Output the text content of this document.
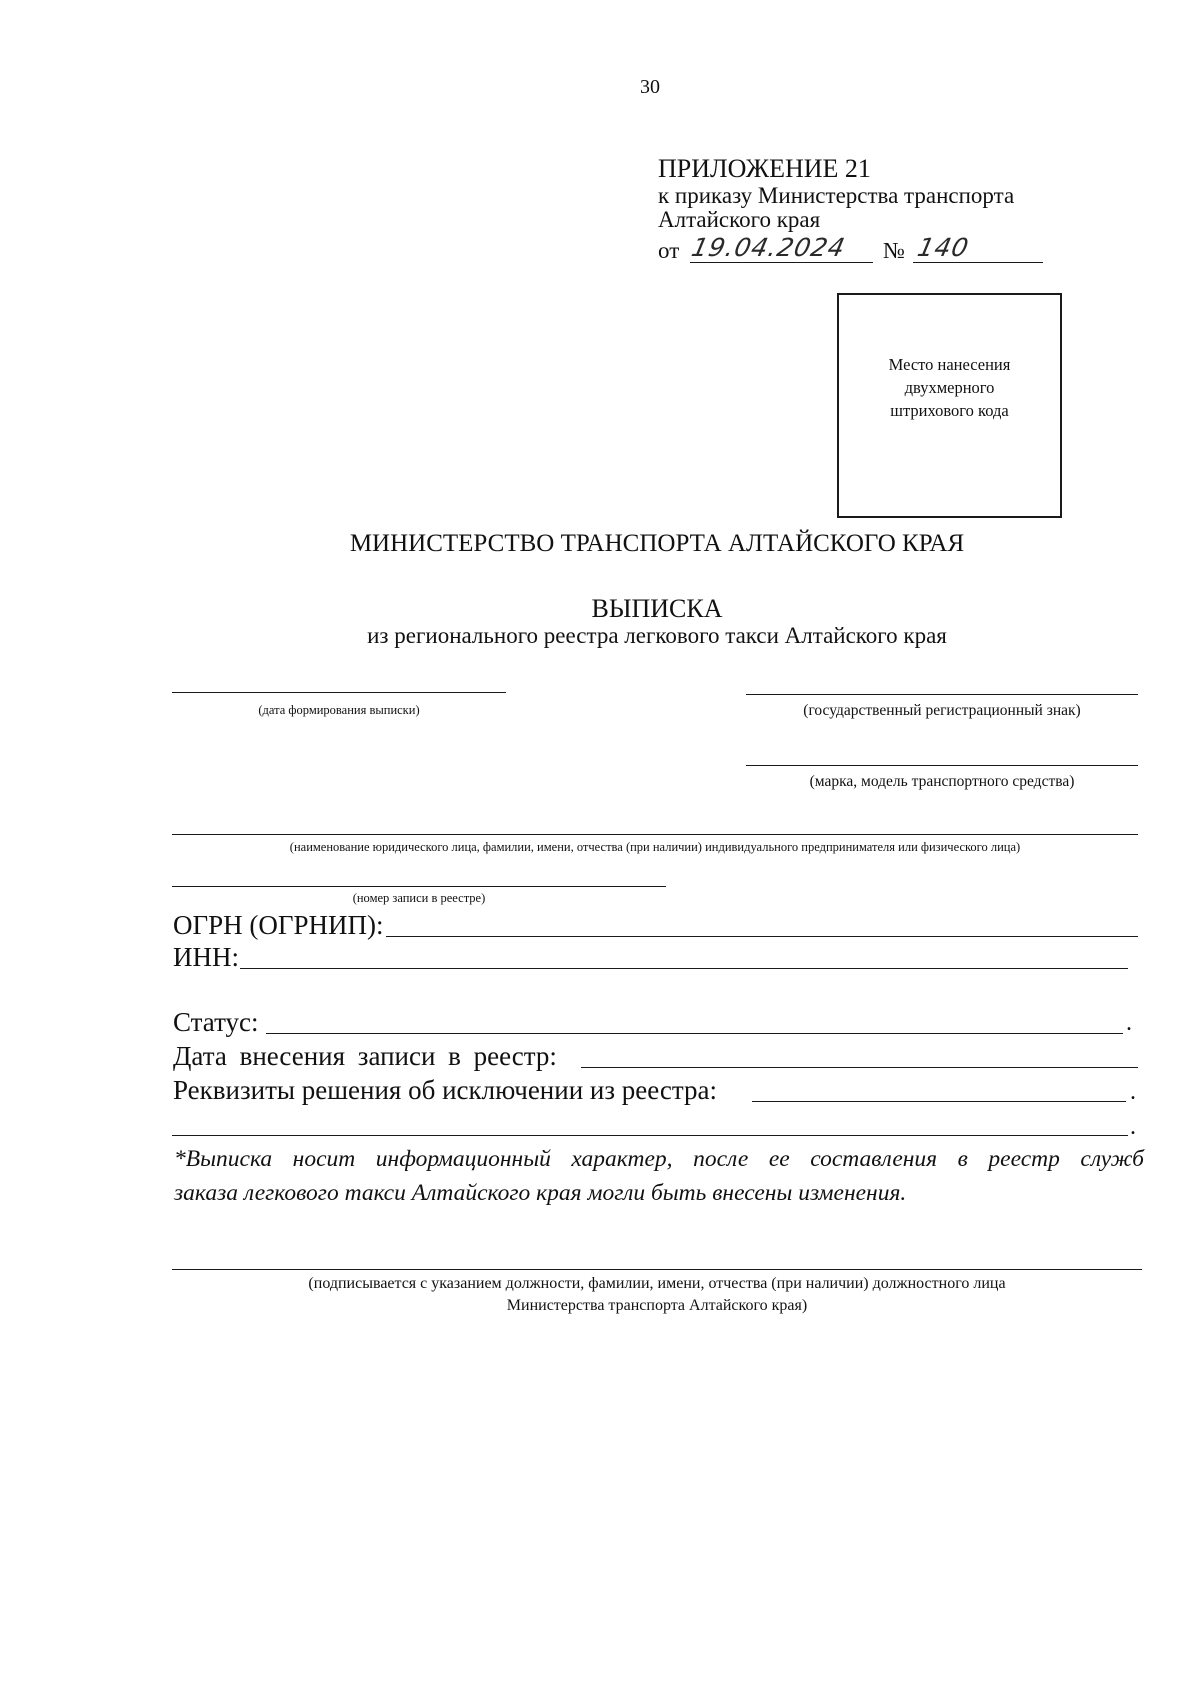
30
ПРИЛОЖЕНИЕ 21
к приказу Министерства транспорта
Алтайского края
от 19.04.2024 № 140
Место нанесения
двухмерного
штрихового кода
МИНИСТЕРСТВО ТРАНСПОРТА АЛТАЙСКОГО КРАЯ
ВЫПИСКА
из регионального реестра легкового такси Алтайского края
(дата формирования выписки)	(государственный регистрационный знак)
(марка, модель транспортного средства)
(наименование юридического лица, фамилии, имени, отчества (при наличии) индивидуального предпринимателя или физического лица)
(номер записи в реестре)
ОГРН (ОГРНИП):
ИНН:
Статус:	.
Дата внесения записи в реестр:
Реквизиты решения об исключении из реестра:	.
.
*Выписка носит информационный характер, после ее составления в реестр служб
заказа легкового такси Алтайского края могли быть внесены изменения.
(подписывается с указанием должности, фамилии, имени, отчества (при наличии) должностного лица
Министерства транспорта Алтайского края)
